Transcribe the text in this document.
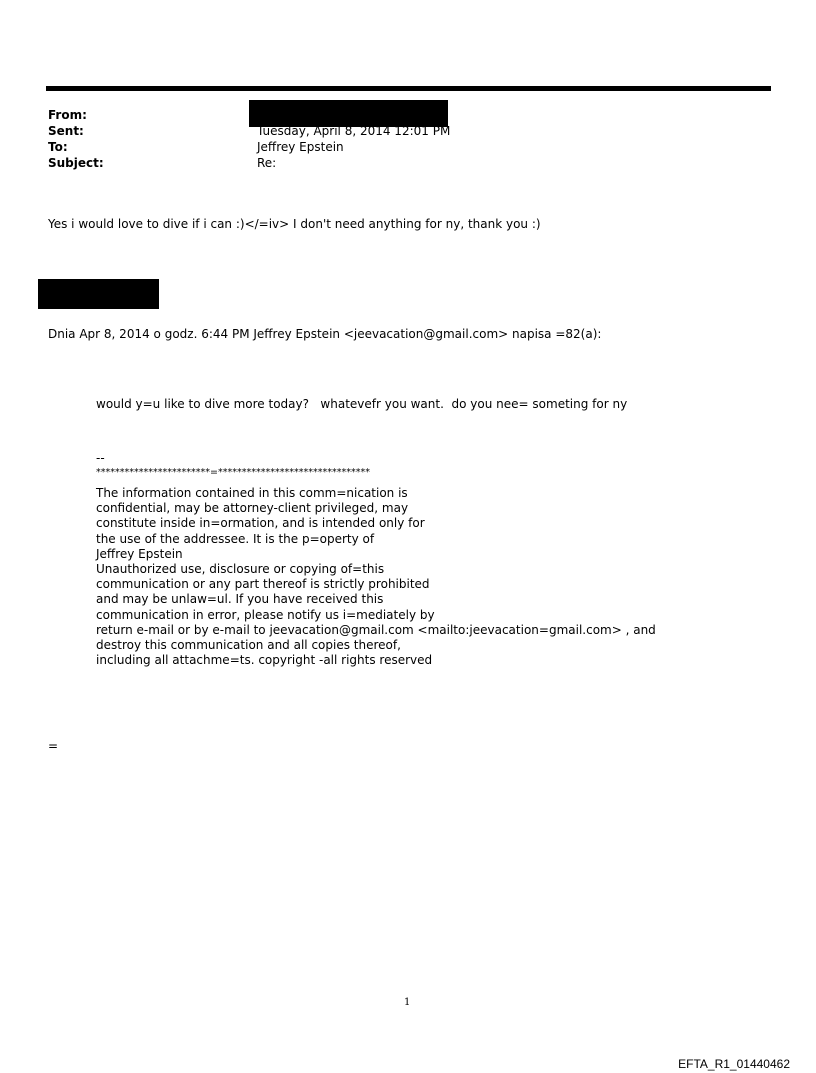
From:
Sent:	Tuesday, April 8, 2014 12:01 PM
To:	Jeffrey Epstein
Subject:	Re:
Yes i would love to dive if i can :)</=iv> I don't need anything for ny, thank you :)
Dnia Apr 8, 2014 o godz. 6:44 PM Jeffrey Epstein <jeevacation@gmail.com> napisa =82(a):
would y=u like to dive more today?   whatevefr you want.  do you nee= someting for ny
--
************************=********************************
The information contained in this comm=nication is
confidential, may be attorney-client privileged, may
constitute inside in=ormation, and is intended only for
the use of the addressee. It is the p=operty of
Jeffrey Epstein
Unauthorized use, disclosure or copying of=this
communication or any part thereof is strictly prohibited
and may be unlaw=ul. If you have received this
communication in error, please notify us i=mediately by
return e-mail or by e-mail to jeevacation@gmail.com <mailto:jeevacation=gmail.com> , and
destroy this communication and all copies thereof,
including all attachme=ts. copyright -all rights reserved
=
1
EFTA_R1_01440462
